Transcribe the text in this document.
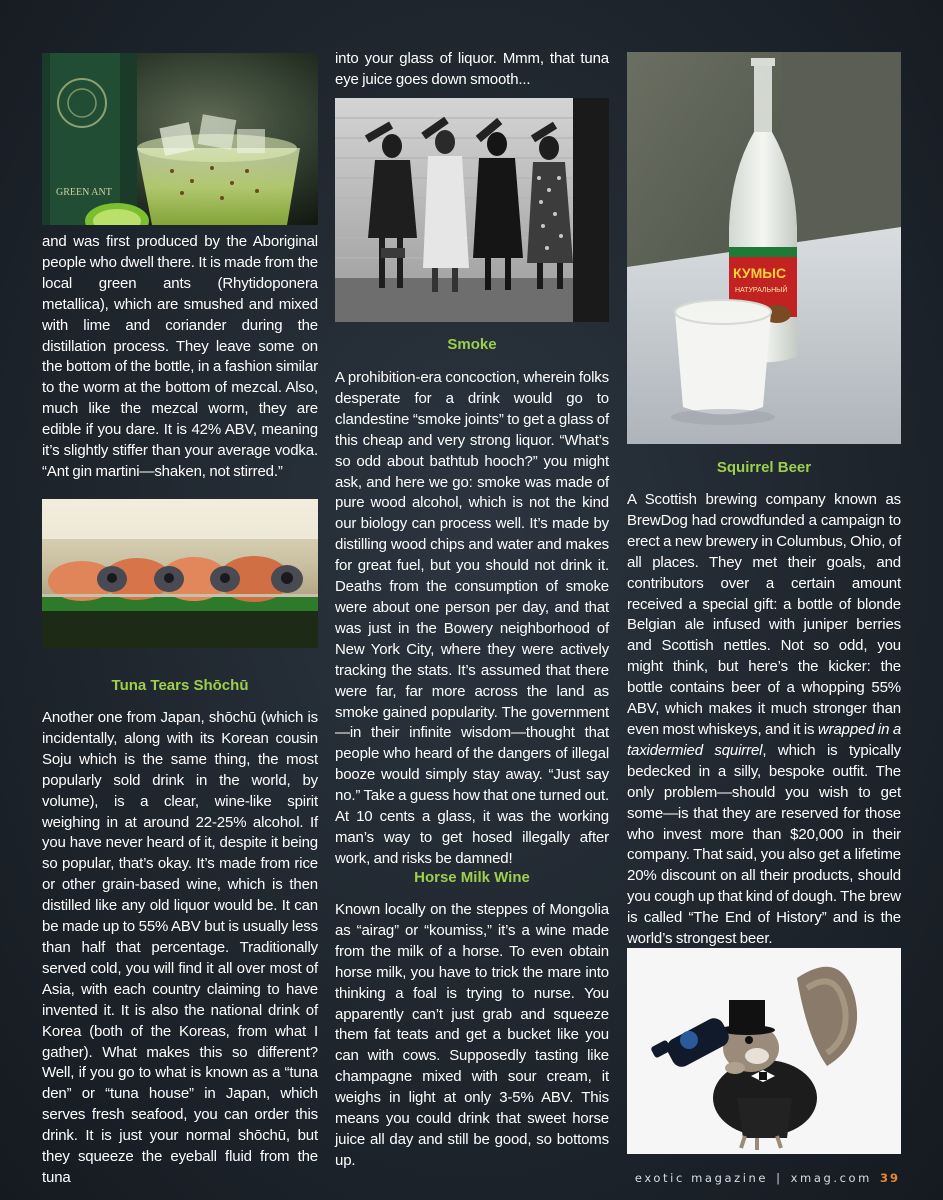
GREEN ANT

and was first produced by the Aboriginal people who dwell there. It is made from the local green ants (Rhytidoponera metallica), which are smushed and mixed with lime and coriander during the distillation process. They leave some on the bottom of the bottle, in a fashion similar to the worm at the bottom of mezcal. Also, much like the mezcal worm, they are edible if you dare. It is 42% ABV, meaning it’s slightly stiffer than your average vodka. “Ant gin martini—shaken, not stirred.”

Tuna Tears Shōchū

Another one from Japan, shōchū (which is incidentally, along with its Korean cousin Soju which is the same thing, the most popularly sold drink in the world, by volume), is a clear, wine-like spirit weighing in at around 22-25% alcohol. If you have never heard of it, despite it being so popular, that’s okay. It’s made from rice or other grain-based wine, which is then distilled like any old liquor would be. It can be made up to 55% ABV but is usually less than half that percentage. Traditionally served cold, you will find it all over most of Asia, with each country claiming to have invented it. It is also the national drink of Korea (both of the Koreas, from what I gather). What makes this so different? Well, if you go to what is known as a “tuna den” or “tuna house” in Japan, which serves fresh seafood, you can order this drink. It is just your normal shōchū, but they squeeze the eyeball fluid from the tuna

into your glass of liquor. Mmm, that tuna eye juice goes down smooth...

Smoke

A prohibition-era concoction, wherein folks desperate for a drink would go to clandestine “smoke joints” to get a glass of this cheap and very strong liquor. “What’s so odd about bathtub hooch?” you might ask, and here we go: smoke was made of pure wood alcohol, which is not the kind our biology can process well. It’s made by distilling wood chips and water and makes for great fuel, but you should not drink it. Deaths from the consumption of smoke were about one person per day, and that was just in the Bowery neighborhood of New York City, where they were actively tracking the stats. It’s assumed that there were far, far more across the land as smoke gained popularity. The government—in their infinite wisdom—thought that people who heard of the dangers of illegal booze would simply stay away. “Just say no.” Take a guess how that one turned out. At 10 cents a glass, it was the working man’s way to get hosed illegally after work, and risks be damned!

Horse Milk Wine

Known locally on the steppes of Mongolia as “airag” or “koumiss,” it’s a wine made from the milk of a horse. To even obtain horse milk, you have to trick the mare into thinking a foal is trying to nurse. You apparently can’t just grab and squeeze them fat teats and get a bucket like you can with cows. Supposedly tasting like champagne mixed with sour cream, it weighs in light at only 3-5% ABV. This means you could drink that sweet horse juice all day and still be good, so bottoms up.

КУМЫС
НАТУРАЛЬНЫЙ
Squirrel Beer

A Scottish brewing company known as BrewDog had crowdfunded a campaign to erect a new brewery in Columbus, Ohio, of all places. They met their goals, and contributors over a certain amount received a special gift: a bottle of blonde Belgian ale infused with juniper berries and Scottish nettles. Not so odd, you might think, but here’s the kicker: the bottle contains beer of a whopping 55% ABV, which makes it much stronger than even most whiskeys, and it is wrapped in a taxidermied squirrel, which is typically bedecked in a silly, bespoke outfit. The only problem—should you wish to get some—is that they are reserved for those who invest more than $20,000 in their company. That said, you also get a lifetime 20% discount on all their products, should you cough up that kind of dough. The brew is called “The End of History” and is the world’s strongest beer.

exotic magazine | xmag.com 39
